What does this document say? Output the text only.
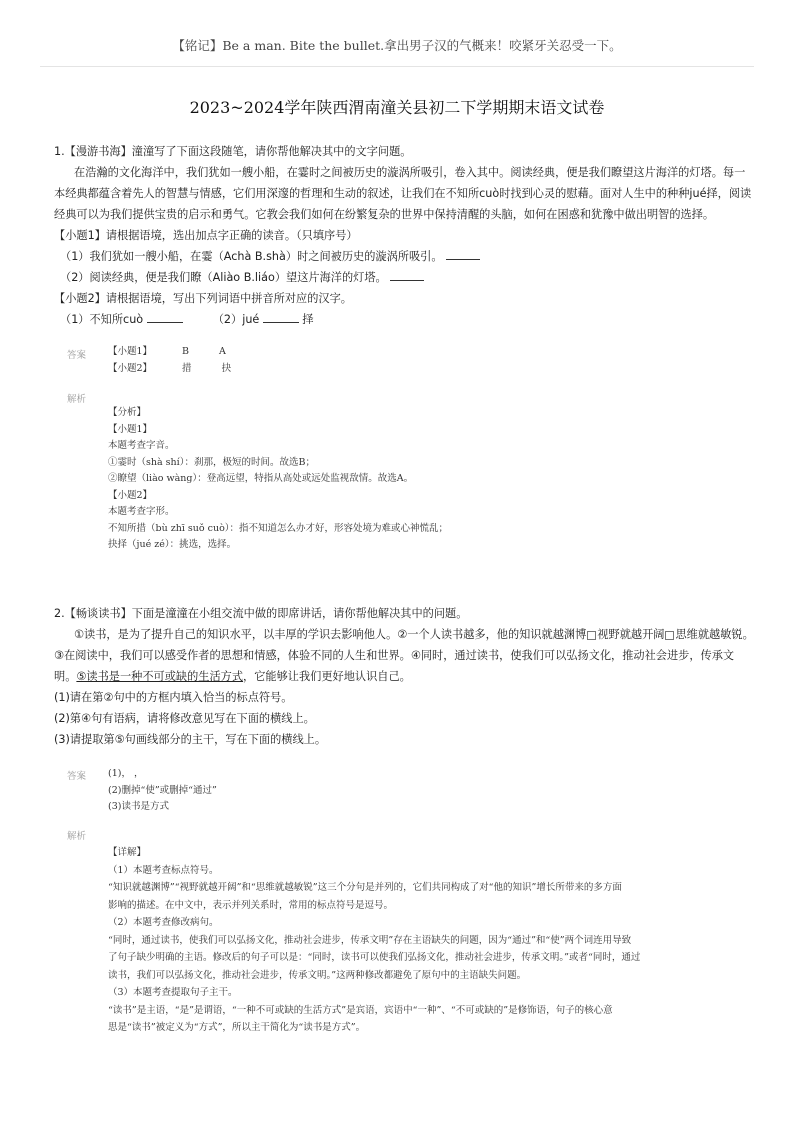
【铭记】Be a man. Bite the bullet.拿出男子汉的气概来！咬紧牙关忍受一下。
2023~2024学年陕西渭南潼关县初二下学期期末语文试卷

1.【漫游书海】潼潼写了下面这段随笔，请你帮他解决其中的文字问题。

在浩瀚的文化海洋中，我们犹如一艘小船，在霎时之间被历史的漩涡所吸引，卷入其中。阅读经典，便是我们瞭望这片海洋的灯塔。每一

本经典都蕴含着先人的智慧与情感，它们用深邃的哲理和生动的叙述，让我们在不知所cuò时找到心灵的慰藉。面对人生中的种种jué择，阅读

经典可以为我们提供宝贵的启示和勇气。它教会我们如何在纷繁复杂的世界中保持清醒的头脑，如何在困惑和犹豫中做出明智的选择。

【小题1】请根据语境，选出加点字正确的读音。（只填序号）

（1）我们犹如一艘小船，在霎（Achà B.shà）时之间被历史的漩涡所吸引。

（2）阅读经典，便是我们瞭（Aliào B.liáo）望这片海洋的灯塔。

【小题2】请根据语境，写出下列词语中拼音所对应的汉字。

（1）不知所cuò	（2）jué	择

答案 【小题1】	B	A

【小题2】	措	抉

解析

【分析】

【小题1】

本题考查字音。

①霎时（shà shí）：刹那，极短的时间。故选B；

②瞭望（liào wàng）：登高远望，特指从高处或远处监视敌情。故选A。

【小题2】

本题考查字形。

不知所措（bù zhī suǒ cuò）：指不知道怎么办才好，形容处境为难或心神慌乱；

抉择（jué zé）：挑选，选择。

2.【畅谈读书】下面是潼潼在小组交流中做的即席讲话，请你帮他解决其中的问题。

①读书，是为了提升自己的知识水平，以丰厚的学识去影响他人。②一个人读书越多，他的知识就越渊博 视野就越开阔 思维就越敏锐。

③在阅读中，我们可以感受作者的思想和情感，体验不同的人生和世界。④同时，通过读书，使我们可以弘扬文化，推动社会进步，传承文

明。⑤读书是一种不可或缺的生活方式，它能够让我们更好地认识自己。

(1)请在第②句中的方框内填入恰当的标点符号。

(2)第④句有语病，请将修改意见写在下面的横线上。

(3)请提取第⑤句画线部分的主干，写在下面的横线上。

答案 (1)， ，

(2)删掉“使”或删掉“通过”

(3)读书是方式

解析

【详解】

（1）本题考查标点符号。

“知识就越渊博”“视野就越开阔”和“思维就越敏锐”这三个分句是并列的，它们共同构成了对“他的知识”增长所带来的多方面

影响的描述。在中文中，表示并列关系时，常用的标点符号是逗号。

（2）本题考查修改病句。

“同时，通过读书，使我们可以弘扬文化，推动社会进步，传承文明”存在主语缺失的问题，因为“通过”和“使”两个词连用导致

了句子缺少明确的主语。修改后的句子可以是：“同时，读书可以使我们弘扬文化，推动社会进步，传承文明。”或者“同时，通过

读书，我们可以弘扬文化，推动社会进步，传承文明。”这两种修改都避免了原句中的主语缺失问题。

（3）本题考查提取句子主干。

“读书”是主语，“是”是谓语，“一种不可或缺的生活方式”是宾语，宾语中“一种”、“不可或缺的”是修饰语，句子的核心意

思是“读书”被定义为“方式”，所以主干简化为“读书是方式”。
